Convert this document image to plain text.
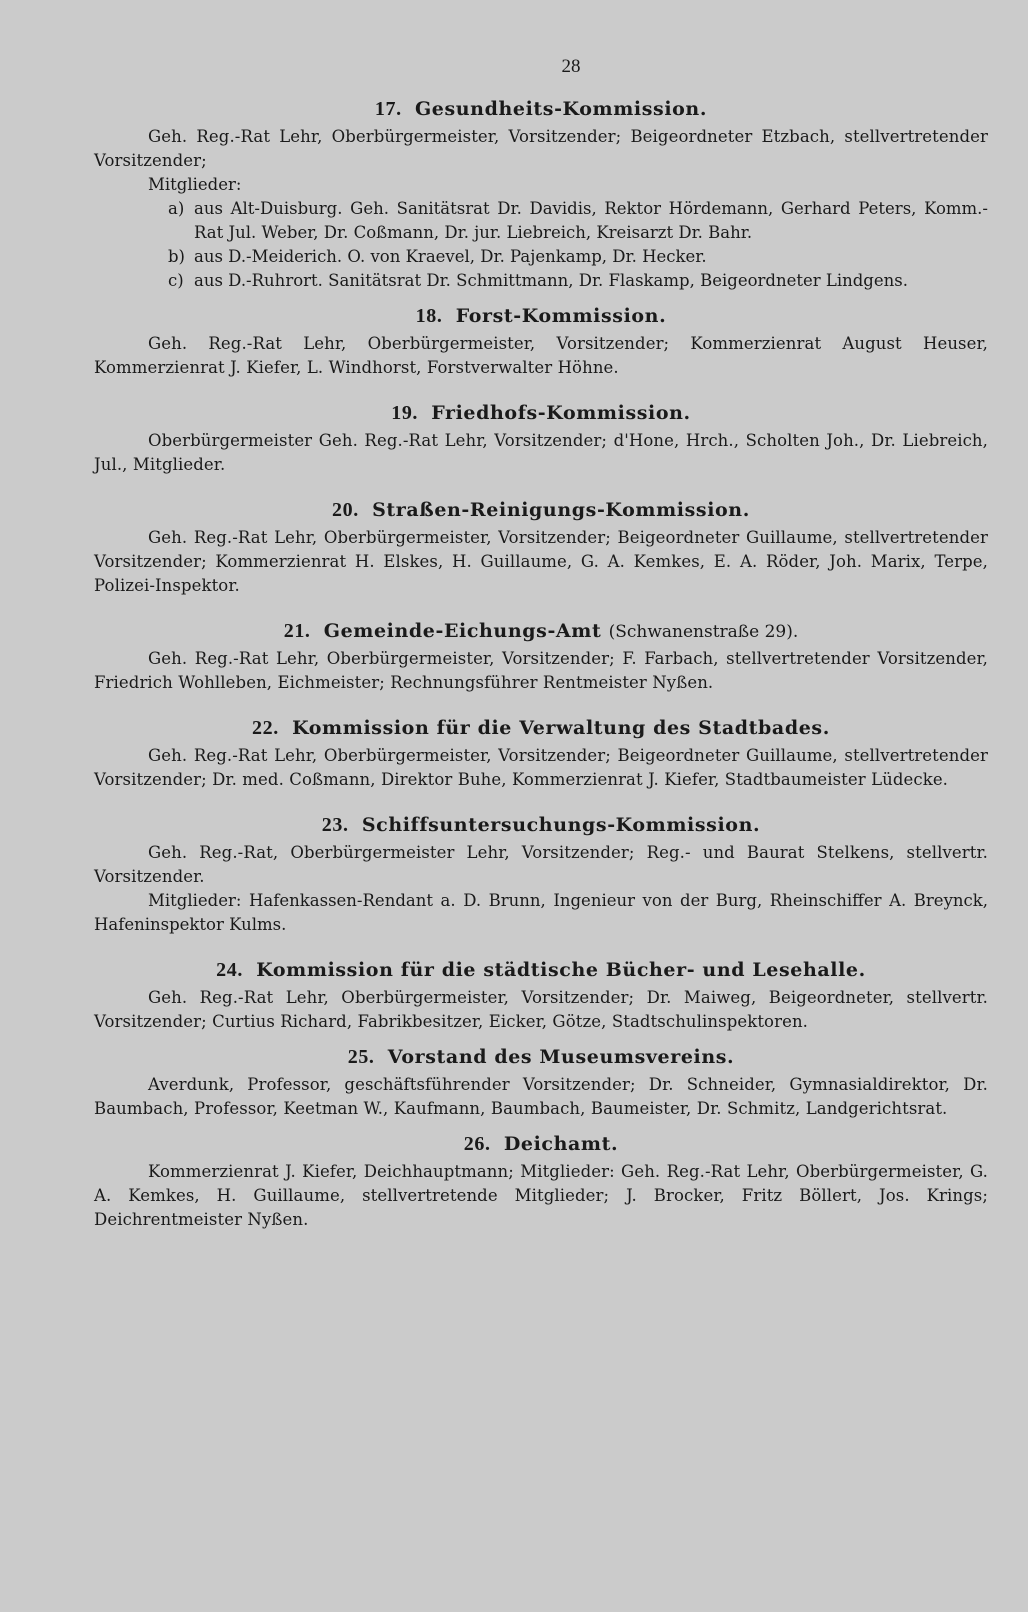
28
17. Gesundheits-Kommission.

Geh. Reg.-Rat Lehr, Oberbürgermeister, Vorsitzender; Beigeordneter Etzbach, stellvertretender Vorsitzender;

Mitglieder:

a) aus Alt-Duisburg. Geh. Sanitätsrat Dr. Davidis, Rektor Hördemann, Gerhard Peters, Komm.-Rat Jul. Weber, Dr. Coßmann, Dr. jur. Liebreich, Kreisarzt Dr. Bahr.

b) aus D.-Meiderich. O. von Kraevel, Dr. Pajenkamp, Dr. Hecker.

c) aus D.-Ruhrort. Sanitätsrat Dr. Schmittmann, Dr. Flaskamp, Beigeordneter Lindgens.

18. Forst-Kommission.

Geh. Reg.-Rat Lehr, Oberbürgermeister, Vorsitzender; Kommerzienrat August Heuser, Kommerzienrat J. Kiefer, L. Windhorst, Forstverwalter Höhne.

19. Friedhofs-Kommission.

Oberbürgermeister Geh. Reg.-Rat Lehr, Vorsitzender; d'Hone, Hrch., Scholten Joh., Dr. Liebreich, Jul., Mitglieder.

20. Straßen-Reinigungs-Kommission.

Geh. Reg.-Rat Lehr, Oberbürgermeister, Vorsitzender; Beigeordneter Guillaume, stellvertretender Vorsitzender; Kommerzienrat H. Elskes, H. Guillaume, G. A. Kemkes, E. A. Röder, Joh. Marix, Terpe, Polizei-Inspektor.

21. Gemeinde-Eichungs-Amt (Schwanenstraße 29).

Geh. Reg.-Rat Lehr, Oberbürgermeister, Vorsitzender; F. Farbach, stellvertretender Vorsitzender, Friedrich Wohlleben, Eichmeister; Rechnungsführer Rentmeister Nyßen.

22. Kommission für die Verwaltung des Stadtbades.

Geh. Reg.-Rat Lehr, Oberbürgermeister, Vorsitzender; Beigeordneter Guillaume, stellvertretender Vorsitzender; Dr. med. Coßmann, Direktor Buhe, Kommerzienrat J. Kiefer, Stadtbaumeister Lüdecke.

23. Schiffsuntersuchungs-Kommission.

Geh. Reg.-Rat, Oberbürgermeister Lehr, Vorsitzender; Reg.- und Baurat Stelkens, stellvertr. Vorsitzender.

Mitglieder: Hafenkassen-Rendant a. D. Brunn, Ingenieur von der Burg, Rheinschiffer A. Breynck, Hafeninspektor Kulms.

24. Kommission für die städtische Bücher- und Lesehalle.

Geh. Reg.-Rat Lehr, Oberbürgermeister, Vorsitzender; Dr. Maiweg, Beigeordneter, stellvertr. Vorsitzender; Curtius Richard, Fabrikbesitzer, Eicker, Götze, Stadtschulinspektoren.

25. Vorstand des Museumsvereins.

Averdunk, Professor, geschäftsführender Vorsitzender; Dr. Schneider, Gymnasialdirektor, Dr. Baumbach, Professor, Keetman W., Kaufmann, Baumbach, Baumeister, Dr. Schmitz, Landgerichtsrat.

26. Deichamt.

Kommerzienrat J. Kiefer, Deichhauptmann; Mitglieder: Geh. Reg.-Rat Lehr, Oberbürgermeister, G. A. Kemkes, H. Guillaume, stellvertretende Mitglieder; J. Brocker, Fritz Böllert, Jos. Krings; Deichrentmeister Nyßen.
